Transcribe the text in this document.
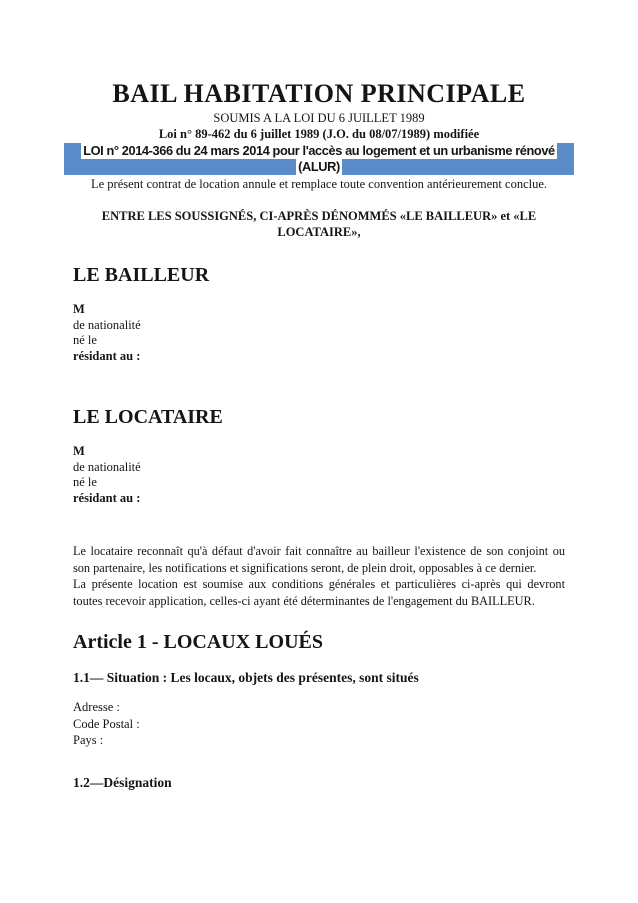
BAIL HABITATION PRINCIPALE
SOUMIS A LA LOI DU 6 JUILLET 1989
Loi n° 89-462 du 6 juillet 1989 (J.O. du 08/07/1989) modifiée
LOI n° 2014-366 du 24 mars 2014 pour l'accès au logement et un urbanisme rénové
(ALUR)
Le présent contrat de location annule et remplace toute convention antérieurement conclue.
ENTRE LES SOUSSIGNÉS, CI-APRÈS DÉNOMMÉS «LE BAILLEUR» et «LE LOCATAIRE»,
LE BAILLEUR
M
de nationalité
né le
résidant au :
LE LOCATAIRE
M
de nationalité
né le
résidant au :
Le locataire reconnaît qu'à défaut d'avoir fait connaître au bailleur l'existence de son conjoint ou son partenaire, les notifications et significations seront, de plein droit, opposables à ce dernier.
La présente location est soumise aux conditions générales et particulières ci-après qui devront toutes recevoir application, celles-ci ayant été déterminantes de l'engagement du BAILLEUR.
Article 1 - LOCAUX LOUÉS
1.1— Situation : Les locaux, objets des présentes, sont situés
Adresse :
Code Postal :
Pays :
1.2—Désignation
